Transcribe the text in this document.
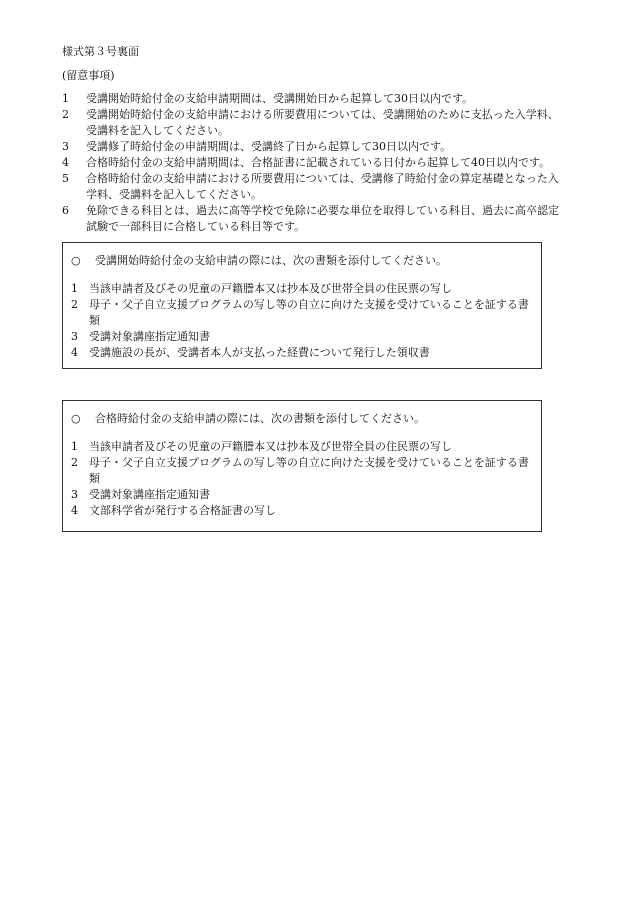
様式第３号裏面
(留意事項)
1	受講開始時給付金の支給申請期間は、受講開始日から起算して30日以内です。
2	受講開始時給付金の支給申請における所要費用については、受講開始のために支払った入学料、受講料を記入してください。
3	受講修了時給付金の申請期間は、受講終了日から起算して30日以内です。
4	合格時給付金の支給申請期間は、合格証書に記載されている日付から起算して40日以内です。
5	合格時給付金の支給申請における所要費用については、受講修了時給付金の算定基礎となった入学料、受講料を記入してください。
6	免除できる科目とは、過去に高等学校で免除に必要な単位を取得している科目、過去に高卒認定試験で一部科目に合格している科目等です。
○	受講開始時給付金の支給申請の際には、次の書類を添付してください。
1	当該申請者及びその児童の戸籍謄本又は抄本及び世帯全員の住民票の写し
2	母子・父子自立支援プログラムの写し等の自立に向けた支援を受けていることを証する書類
3	受講対象講座指定通知書
4	受講施設の長が、受講者本人が支払った経費について発行した領収書
○	合格時給付金の支給申請の際には、次の書類を添付してください。
1	当該申請者及びその児童の戸籍謄本又は抄本及び世帯全員の住民票の写し
2	母子・父子自立支援プログラムの写し等の自立に向けた支援を受けていることを証する書類
3	受講対象講座指定通知書
4	文部科学省が発行する合格証書の写し
